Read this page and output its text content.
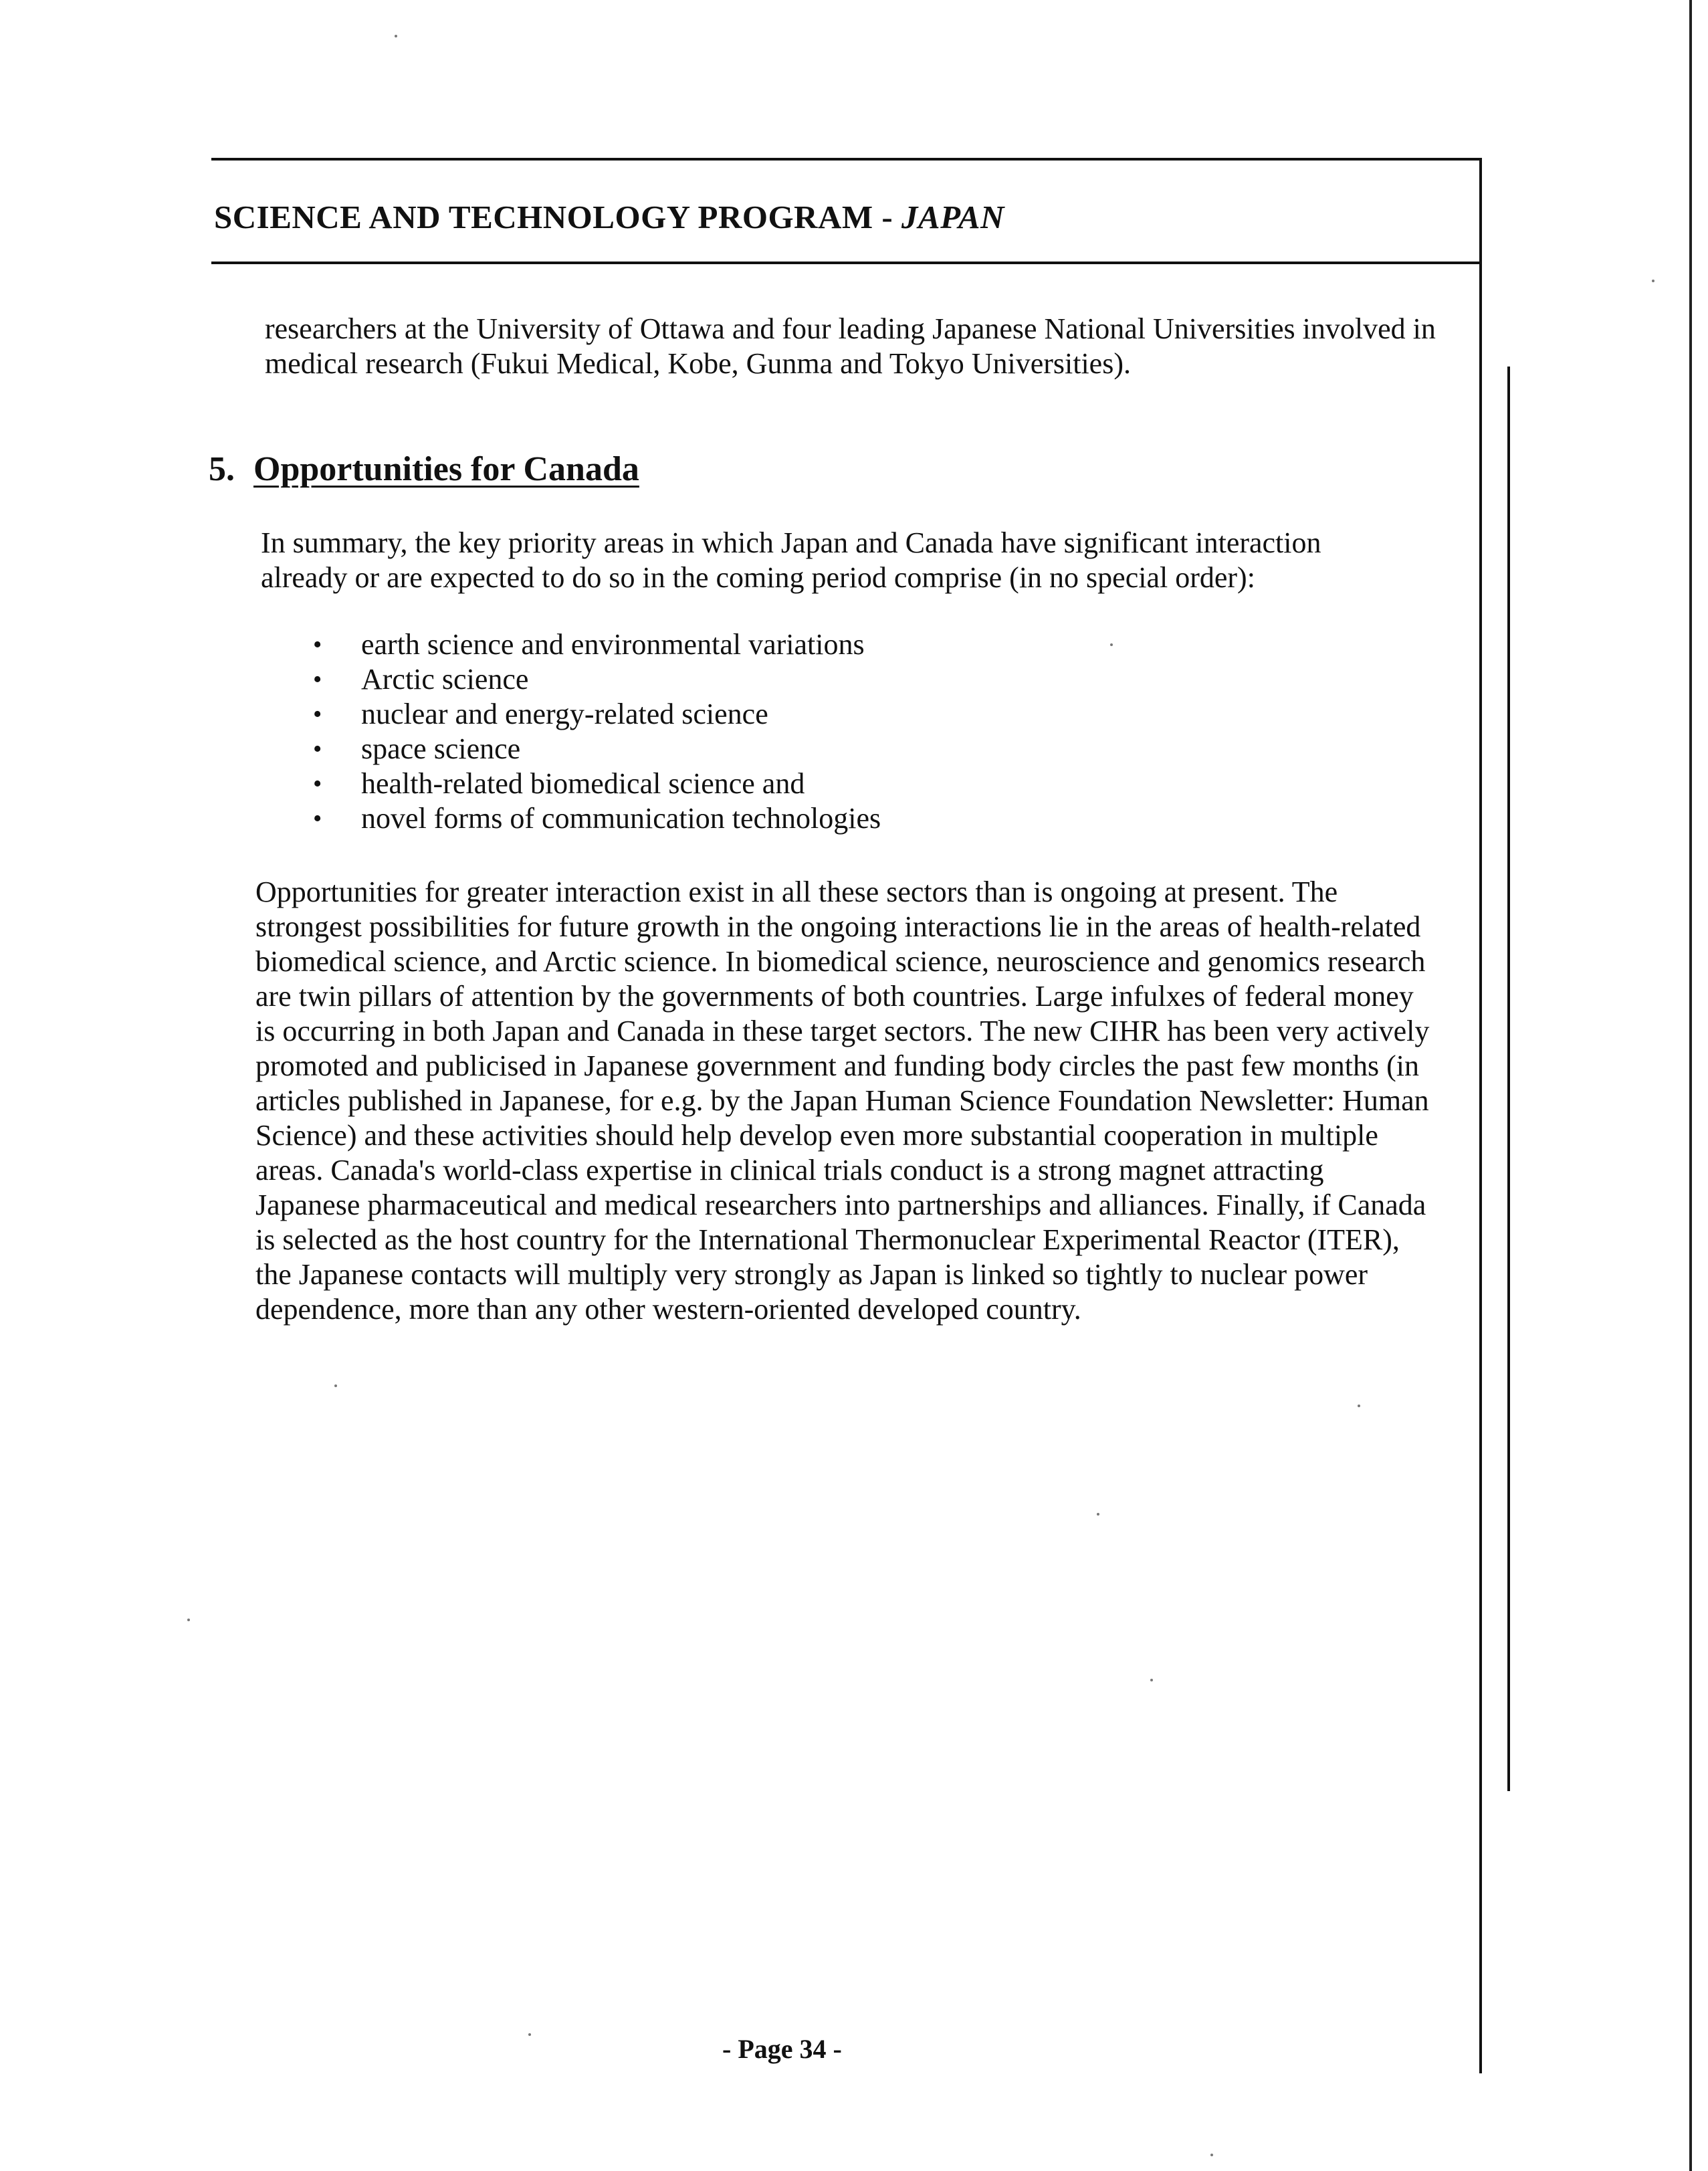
SCIENCE AND TECHNOLOGY PROGRAM - JAPAN
researchers at the University of Ottawa and four leading Japanese National Universities involved in medical research (Fukui Medical, Kobe, Gunma and Tokyo Universities).
5. Opportunities for Canada
In summary, the key priority areas in which Japan and Canada have significant interaction already or are expected to do so in the coming period comprise (in no special order):
• earth science and environmental variations
• Arctic science
• nuclear and energy-related science
• space science
• health-related biomedical science and
• novel forms of communication technologies
Opportunities for greater interaction exist in all these sectors than is ongoing at present. The strongest possibilities for future growth in the ongoing interactions lie in the areas of health-related biomedical science, and Arctic science. In biomedical science, neuroscience and genomics research are twin pillars of attention by the governments of both countries. Large infulxes of federal money is occurring in both Japan and Canada in these target sectors. The new CIHR has been very actively promoted and publicised in Japanese government and funding body circles the past few months (in articles published in Japanese, for e.g. by the Japan Human Science Foundation Newsletter: Human Science) and these activities should help develop even more substantial cooperation in multiple areas. Canada's world-class expertise in clinical trials conduct is a strong magnet attracting Japanese pharmaceutical and medical researchers into partnerships and alliances. Finally, if Canada is selected as the host country for the International Thermonuclear Experimental Reactor (ITER), the Japanese contacts will multiply very strongly as Japan is linked so tightly to nuclear power dependence, more than any other western-oriented developed country.
- Page 34 -
